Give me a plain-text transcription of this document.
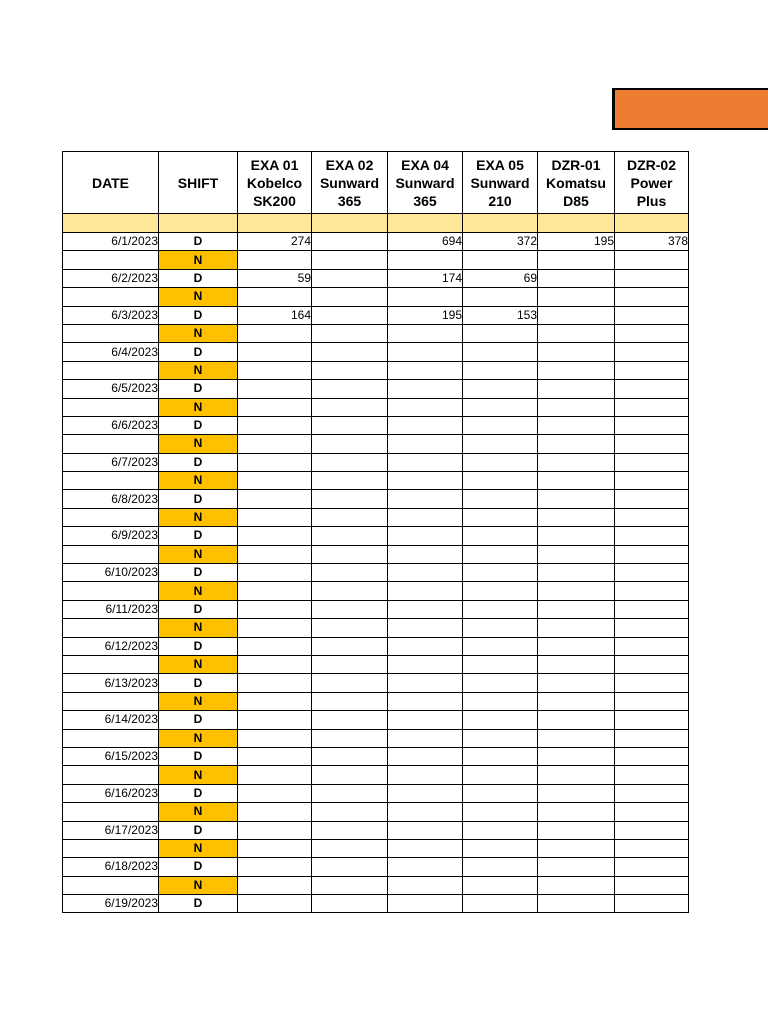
DATE	SHIFT	EXA 01
Kobelco
SK200	EXA 02
Sunward
365	EXA 04
Sunward
365	EXA 05
Sunward
210	DZR-01
Komatsu
D85	DZR-02
Power
Plus

6/1/2023	D	274		694	372	195	378
	N						
6/2/2023	D	59		174	69		
	N						
6/3/2023	D	164		195	153		
	N						
6/4/2023	D						
	N						
6/5/2023	D						
	N						
6/6/2023	D						
	N						
6/7/2023	D						
	N						
6/8/2023	D						
	N						
6/9/2023	D						
	N						
6/10/2023	D						
	N						
6/11/2023	D						
	N						
6/12/2023	D						
	N						
6/13/2023	D						
	N						
6/14/2023	D						
	N						
6/15/2023	D						
	N						
6/16/2023	D						
	N						
6/17/2023	D						
	N						
6/18/2023	D						
	N						
6/19/2023	D						
